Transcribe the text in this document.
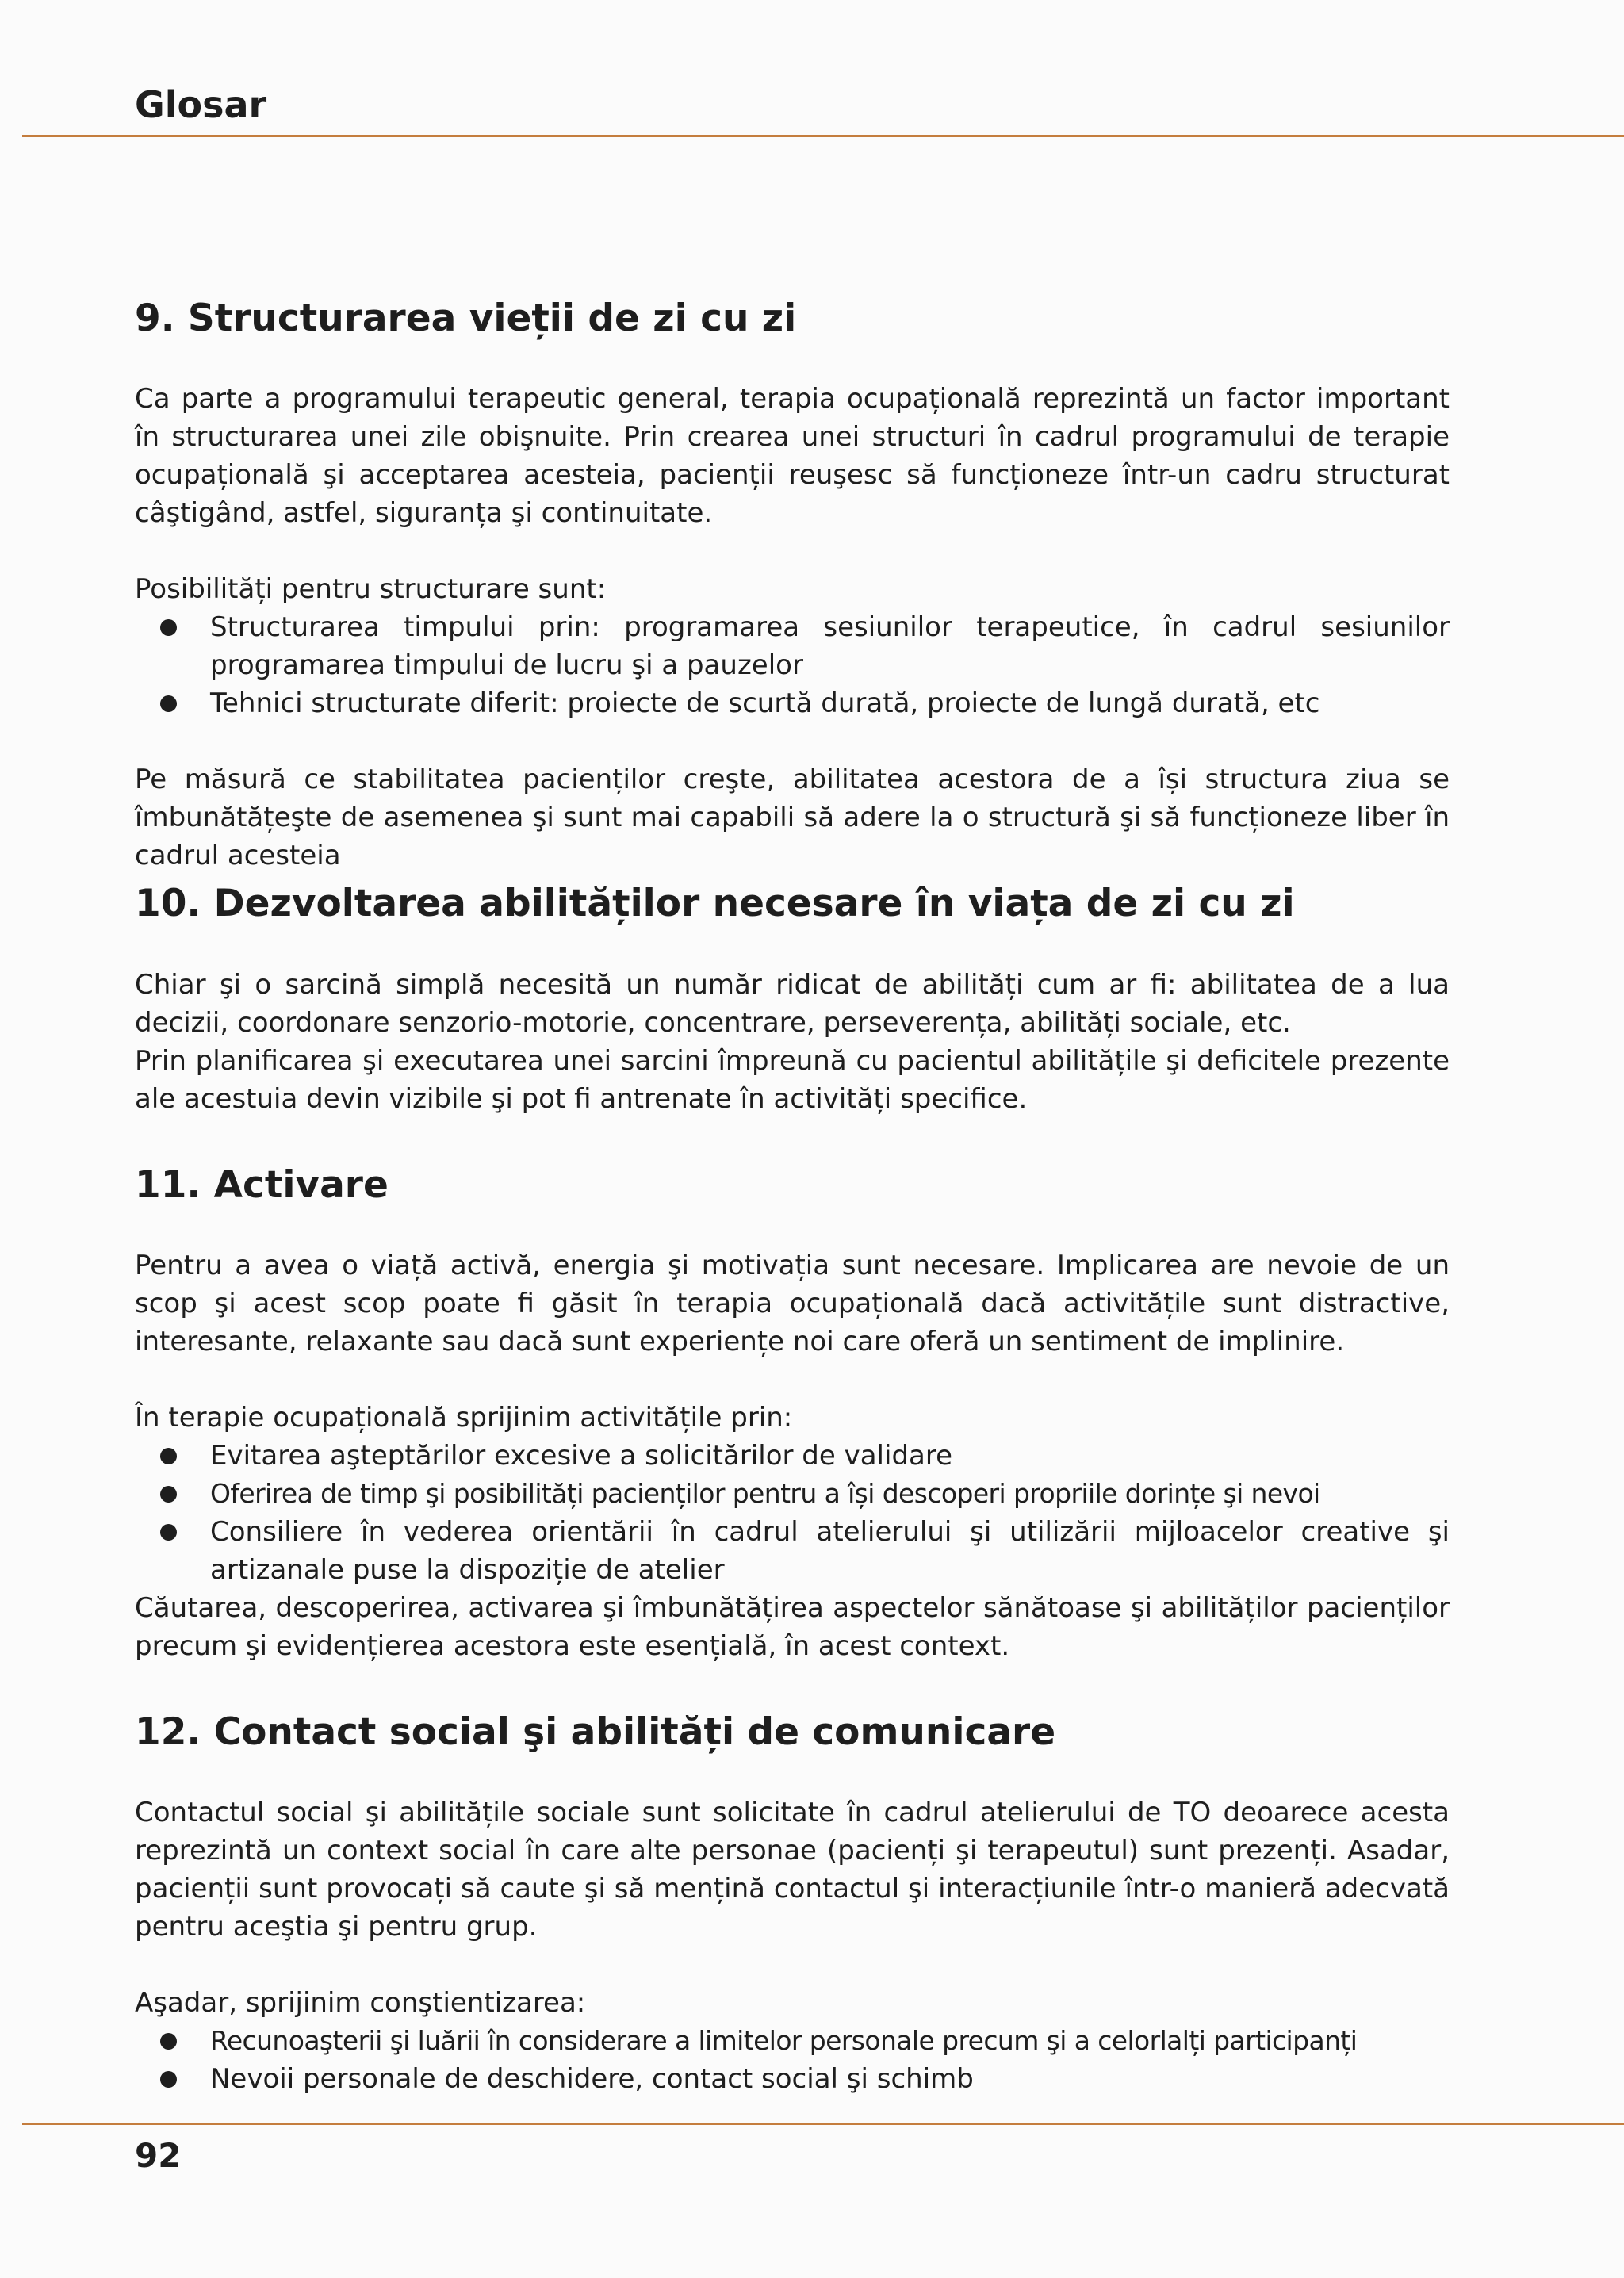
Glosar
9. Structurarea vieții de zi cu zi

Ca parte a programului terapeutic general, terapia ocupațională reprezintă un factor important în structurarea unei zile obişnuite. Prin crearea unei structuri în cadrul programului de terapie ocupațională şi acceptarea acesteia, pacienții reuşesc să funcționeze într-un cadru structurat câştigând, astfel, siguranța şi continuitate.

Posibilități pentru structurare sunt:

Structurarea timpului prin: programarea sesiunilor terapeutice, în cadrul sesiunilor programarea timpului de lucru şi a pauzelor
Tehnici structurate diferit: proiecte de scurtă durată, proiecte de lungă durată, etc

Pe măsură ce stabilitatea pacienților creşte, abilitatea acestora de a își structura ziua se îmbunătățeşte de asemenea şi sunt mai capabili să adere la o structură şi să funcționeze liber în cadrul acesteia

10. Dezvoltarea abilităților necesare în viața de zi cu zi

Chiar şi o sarcină simplă necesită un număr ridicat de abilități cum ar fi: abilitatea de a lua decizii, coordonare senzorio-motorie, concentrare, perseverența, abilități sociale, etc.

Prin planificarea şi executarea unei sarcini împreună cu pacientul abilitățile şi deficitele prezente ale acestuia devin vizibile şi pot fi antrenate în activități specifice.

11. Activare

Pentru a avea o viață activă, energia şi motivația sunt necesare. Implicarea are nevoie de un scop şi acest scop poate fi găsit în terapia ocupațională dacă activitățile sunt distractive, interesante, relaxante sau dacă sunt experiențe noi care oferă un sentiment de implinire.

În terapie ocupațională sprijinim activitățile prin:

Evitarea aşteptărilor excesive a solicitărilor de validare
Oferirea de timp şi posibilități pacienților pentru a își descoperi propriile dorințe şi nevoi
Consiliere în vederea orientării în cadrul atelierului şi utilizării mijloacelor creative şi artizanale puse la dispoziție de atelier

Căutarea, descoperirea, activarea şi îmbunătățirea aspectelor sănătoase şi abilităților pacienților precum şi evidențierea acestora este esențială, în acest context.

12. Contact social şi abilități de comunicare

Contactul social şi abilitățile sociale sunt solicitate în cadrul atelierului de TO deoarece acesta reprezintă un context social în care alte personae (pacienți şi terapeutul) sunt prezenți. Asadar, pacienții sunt provocați să caute şi să mențină contactul şi interacțiunile într-o manieră adecvată pentru aceştia şi pentru grup.

Aşadar, sprijinim conştientizarea:

Recunoaşterii şi luării în considerare a limitelor personale precum şi a celorlalți participanți
Nevoii personale de deschidere, contact social şi schimb
92
